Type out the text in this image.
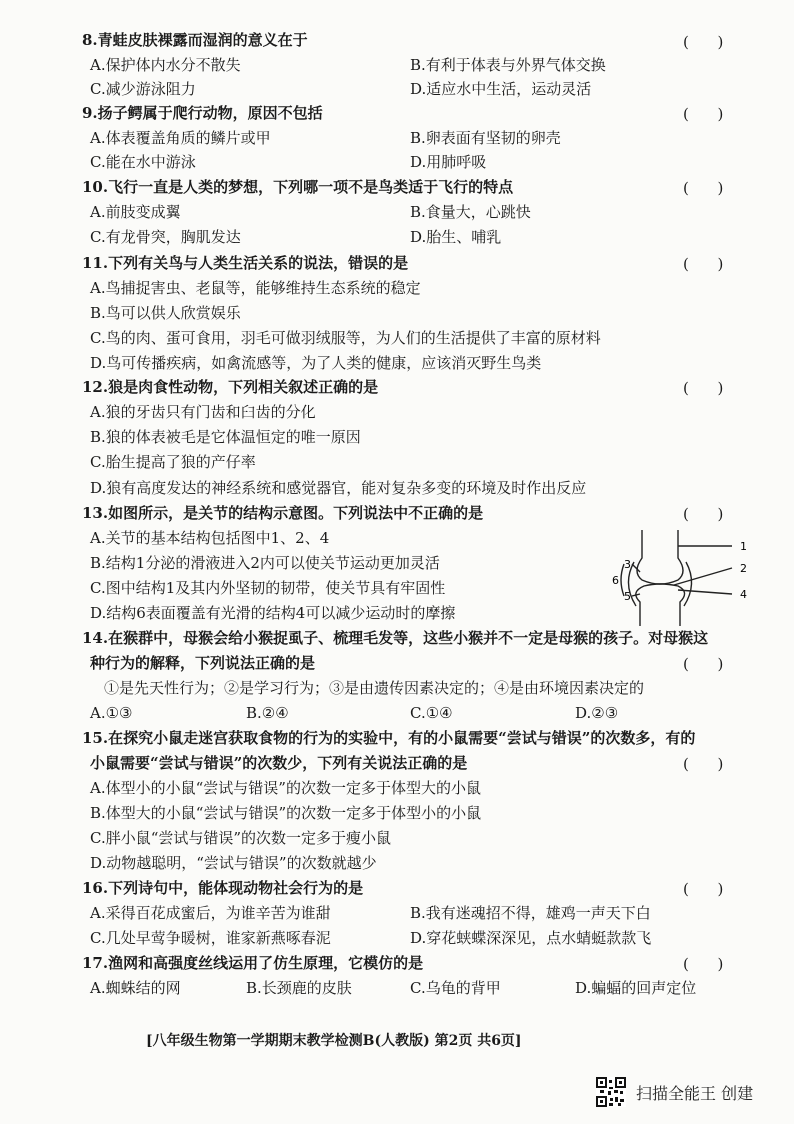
8.青蛙皮肤裸露而湿润的意义在于	(      )
A.保护体内水分不散失	B.有利于体表与外界气体交换
C.减少游泳阻力	D.适应水中生活，运动灵活
9.扬子鳄属于爬行动物，原因不包括	(      )
A.体表覆盖角质的鳞片或甲	B.卵表面有坚韧的卵壳
C.能在水中游泳	D.用肺呼吸
10.飞行一直是人类的梦想，下列哪一项不是鸟类适于飞行的特点	(      )
A.前肢变成翼	B.食量大，心跳快
C.有龙骨突，胸肌发达	D.胎生、哺乳
11.下列有关鸟与人类生活关系的说法，错误的是	(      )
A.鸟捕捉害虫、老鼠等，能够维持生态系统的稳定
B.鸟可以供人欣赏娱乐
C.鸟的肉、蛋可食用，羽毛可做羽绒服等，为人们的生活提供了丰富的原材料
D.鸟可传播疾病，如禽流感等，为了人类的健康，应该消灭野生鸟类
12.狼是肉食性动物，下列相关叙述正确的是	(      )
A.狼的牙齿只有门齿和臼齿的分化
B.狼的体表被毛是它体温恒定的唯一原因
C.胎生提高了狼的产仔率
D.狼有高度发达的神经系统和感觉器官，能对复杂多变的环境及时作出反应
13.如图所示，是关节的结构示意图。下列说法中不正确的是	(      )
A.关节的基本结构包括图中1、2、4
B.结构1分泌的滑液进入2内可以使关节运动更加灵活
C.图中结构1及其内外坚韧的韧带，使关节具有牢固性
D.结构6表面覆盖有光滑的结构4可以减少运动时的摩擦
1
2
3
4
5
6
14.在猴群中，母猴会给小猴捉虱子、梳理毛发等，这些小猴并不一定是母猴的孩子。对母猴这
种行为的解释，下列说法正确的是	(      )
①是先天性行为；②是学习行为；③是由遗传因素决定的；④是由环境因素决定的
A.①③	B.②④	C.①④	D.②③
15.在探究小鼠走迷宫获取食物的行为的实验中，有的小鼠需要“尝试与错误”的次数多，有的
小鼠需要“尝试与错误”的次数少，下列有关说法正确的是	(      )
A.体型小的小鼠“尝试与错误”的次数一定多于体型大的小鼠
B.体型大的小鼠“尝试与错误”的次数一定多于体型小的小鼠
C.胖小鼠“尝试与错误”的次数一定多于瘦小鼠
D.动物越聪明，“尝试与错误”的次数就越少
16.下列诗句中，能体现动物社会行为的是	(      )
A.采得百花成蜜后，为谁辛苦为谁甜	B.我有迷魂招不得，雄鸡一声天下白
C.几处早莺争暖树，谁家新燕啄春泥	D.穿花蛱蝶深深见，点水蜻蜓款款飞
17.渔网和高强度丝线运用了仿生原理，它模仿的是	(      )
A.蜘蛛结的网	B.长颈鹿的皮肤	C.乌龟的背甲	D.蝙蝠的回声定位
[八年级生物第一学期期末教学检测B(人教版) 第2页 共6页]
扫描全能王 创建
